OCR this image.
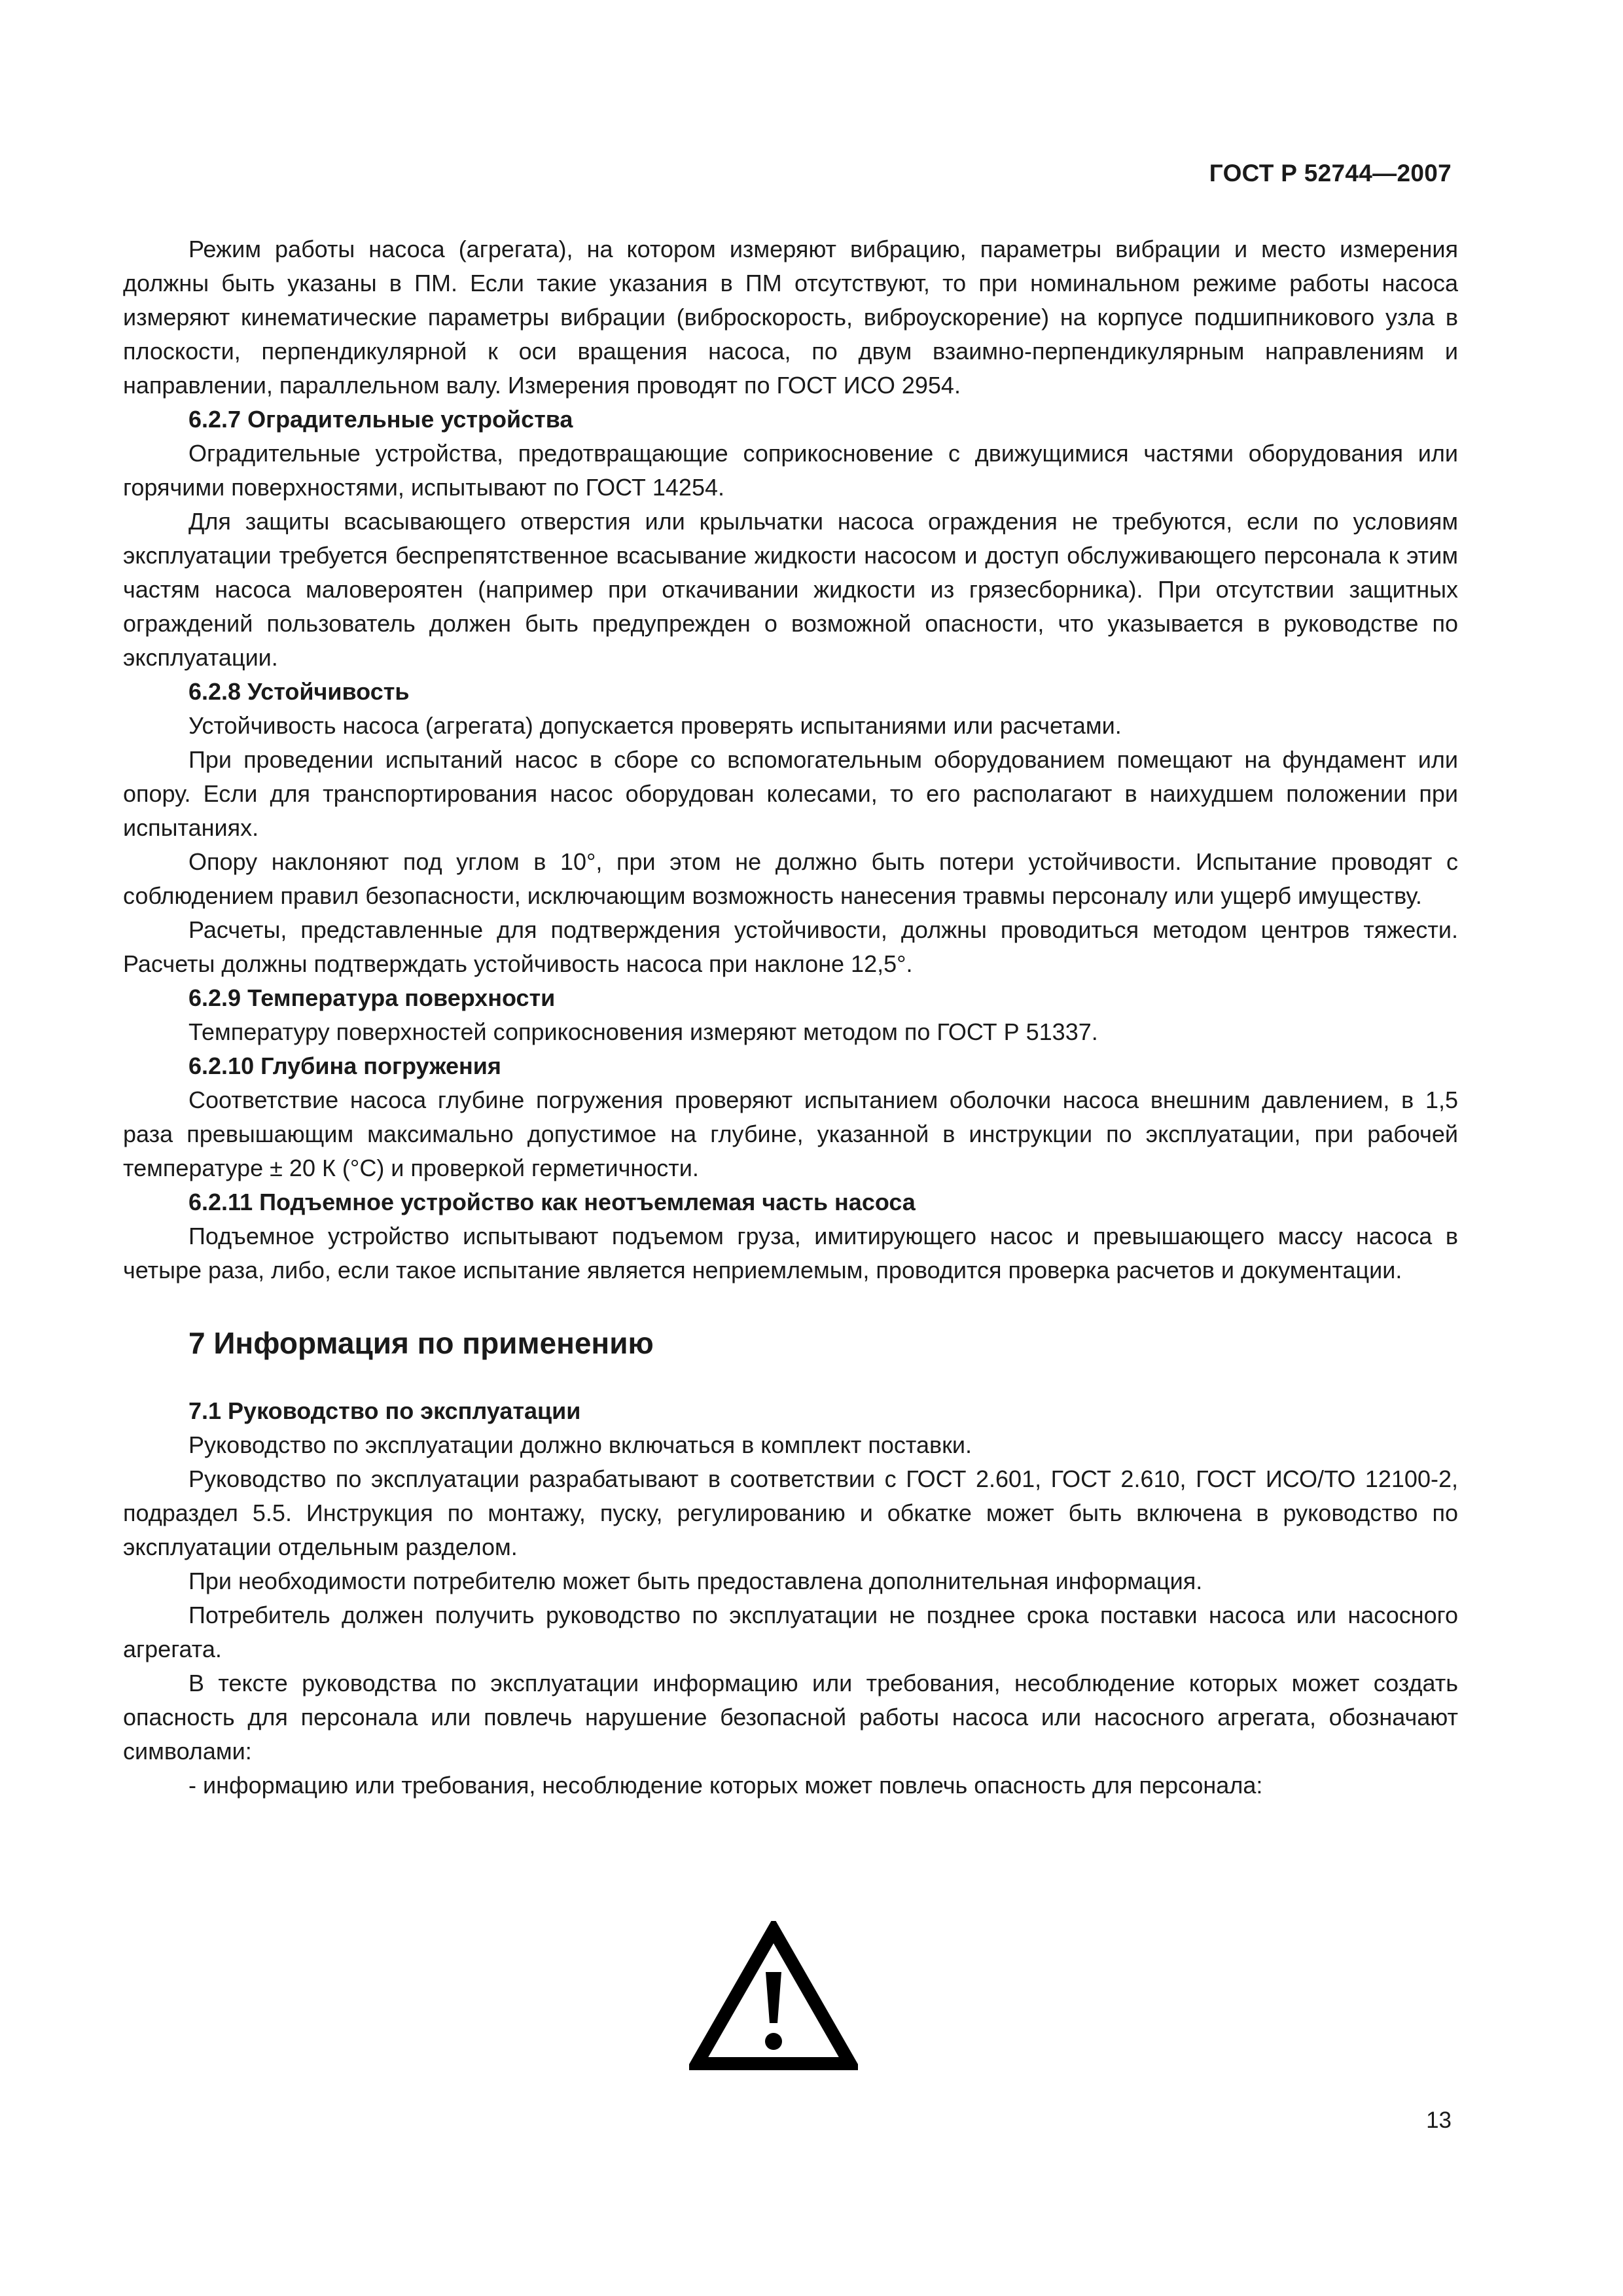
ГОСТ Р 52744—2007
Режим работы насоса (агрегата), на котором измеряют вибрацию, параметры вибрации и место измерения должны быть указаны в ПМ. Если такие указания в ПМ отсутствуют, то при номинальном режиме работы насоса измеряют кинематические параметры вибрации (виброскорость, виброускорение) на корпусе подшипникового узла в плоскости, перпендикулярной к оси вращения насоса, по двум взаимно-перпендикулярным направлениям и направлении, параллельном валу. Измерения проводят по ГОСТ ИСО 2954.
6.2.7 Оградительные устройства
Оградительные устройства, предотвращающие соприкосновение с движущимися частями оборудования или горячими поверхностями, испытывают по ГОСТ 14254.
Для защиты всасывающего отверстия или крыльчатки насоса ограждения не требуются, если по условиям эксплуатации требуется беспрепятственное всасывание жидкости насосом и доступ обслуживающего персонала к этим частям насоса маловероятен (например при откачивании жидкости из грязесборника). При отсутствии защитных ограждений пользователь должен быть предупрежден о возможной опасности, что указывается в руководстве по эксплуатации.
6.2.8 Устойчивость
Устойчивость насоса (агрегата) допускается проверять испытаниями или расчетами.
При проведении испытаний насос в сборе со вспомогательным оборудованием помещают на фундамент или опору. Если для транспортирования насос оборудован колесами, то его располагают в наихудшем положении при испытаниях.
Опору наклоняют под углом в 10°, при этом не должно быть потери устойчивости. Испытание проводят с соблюдением правил безопасности, исключающим возможность нанесения травмы персоналу или ущерб имуществу.
Расчеты, представленные для подтверждения устойчивости, должны проводиться методом центров тяжести. Расчеты должны подтверждать устойчивость насоса при наклоне 12,5°.
6.2.9 Температура поверхности
Температуру поверхностей соприкосновения измеряют методом по ГОСТ Р 51337.
6.2.10 Глубина погружения
Соответствие насоса глубине погружения проверяют испытанием оболочки насоса внешним давлением, в 1,5 раза превышающим максимально допустимое на глубине, указанной в инструкции по эксплуатации, при рабочей температуре ± 20 К (°С) и проверкой герметичности.
6.2.11 Подъемное устройство как неотъемлемая часть насоса
Подъемное устройство испытывают подъемом груза, имитирующего насос и превышающего массу насоса в четыре раза, либо, если такое испытание является неприемлемым, проводится проверка расчетов и документации.
7 Информация по применению
7.1 Руководство по эксплуатации
Руководство по эксплуатации должно включаться в комплект поставки.
Руководство по эксплуатации разрабатывают в соответствии с ГОСТ 2.601, ГОСТ 2.610, ГОСТ ИСО/ТО 12100-2, подраздел 5.5. Инструкция по монтажу, пуску, регулированию и обкатке может быть включена в руководство по эксплуатации отдельным разделом.
При необходимости потребителю может быть предоставлена дополнительная информация.
Потребитель должен получить руководство по эксплуатации не позднее срока поставки насоса или насосного агрегата.
В тексте руководства по эксплуатации информацию или требования, несоблюдение которых может создать опасность для персонала или повлечь нарушение безопасной работы насоса или насосного агрегата, обозначают символами:
- информацию или требования, несоблюдение которых может повлечь опасность для персонала:
13
